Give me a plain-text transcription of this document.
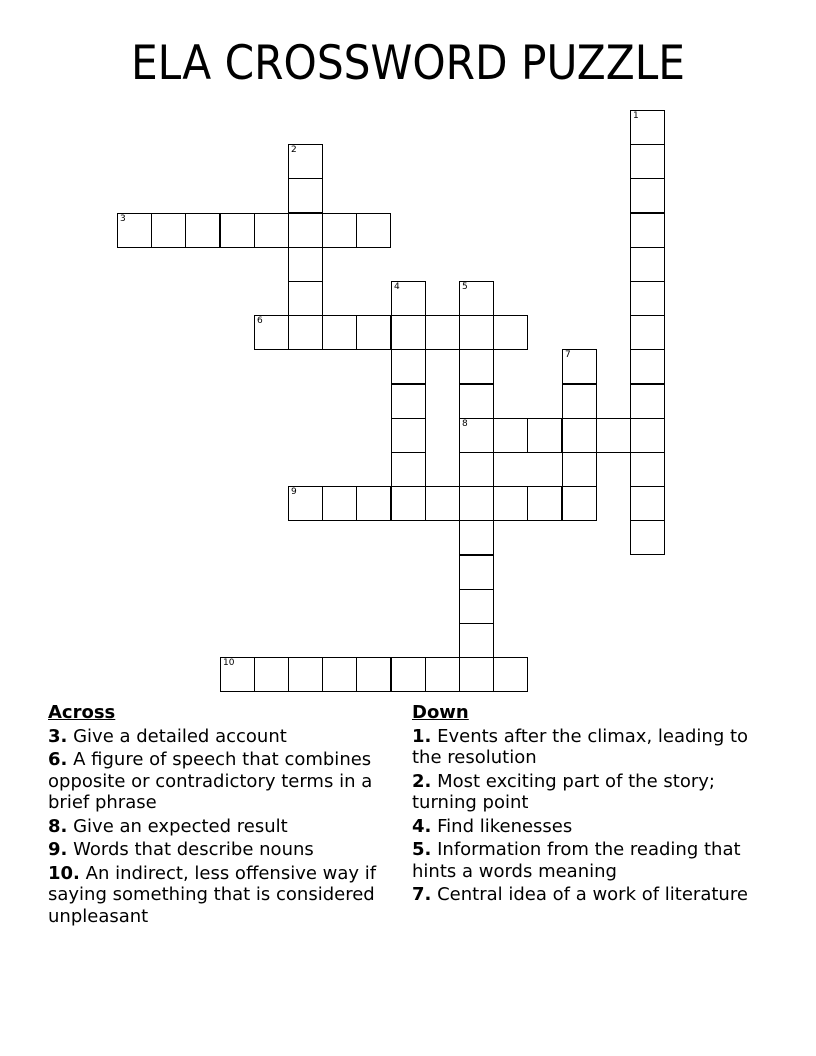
ELA CROSSWORD PUZZLE
1
2
3
4	5
8
6
7
9
10
Across
3. Give a detailed account
6. A figure of speech that combines opposite or contradictory terms in a brief phrase
8. Give an expected result
9. Words that describe nouns
10. An indirect, less offensive way if saying something that is considered unpleasant
Down
1. Events after the climax, leading to the resolution
2. Most exciting part of the story; turning point
4. Find likenesses
5. Information from the reading that hints a words meaning
7. Central idea of a work of literature
